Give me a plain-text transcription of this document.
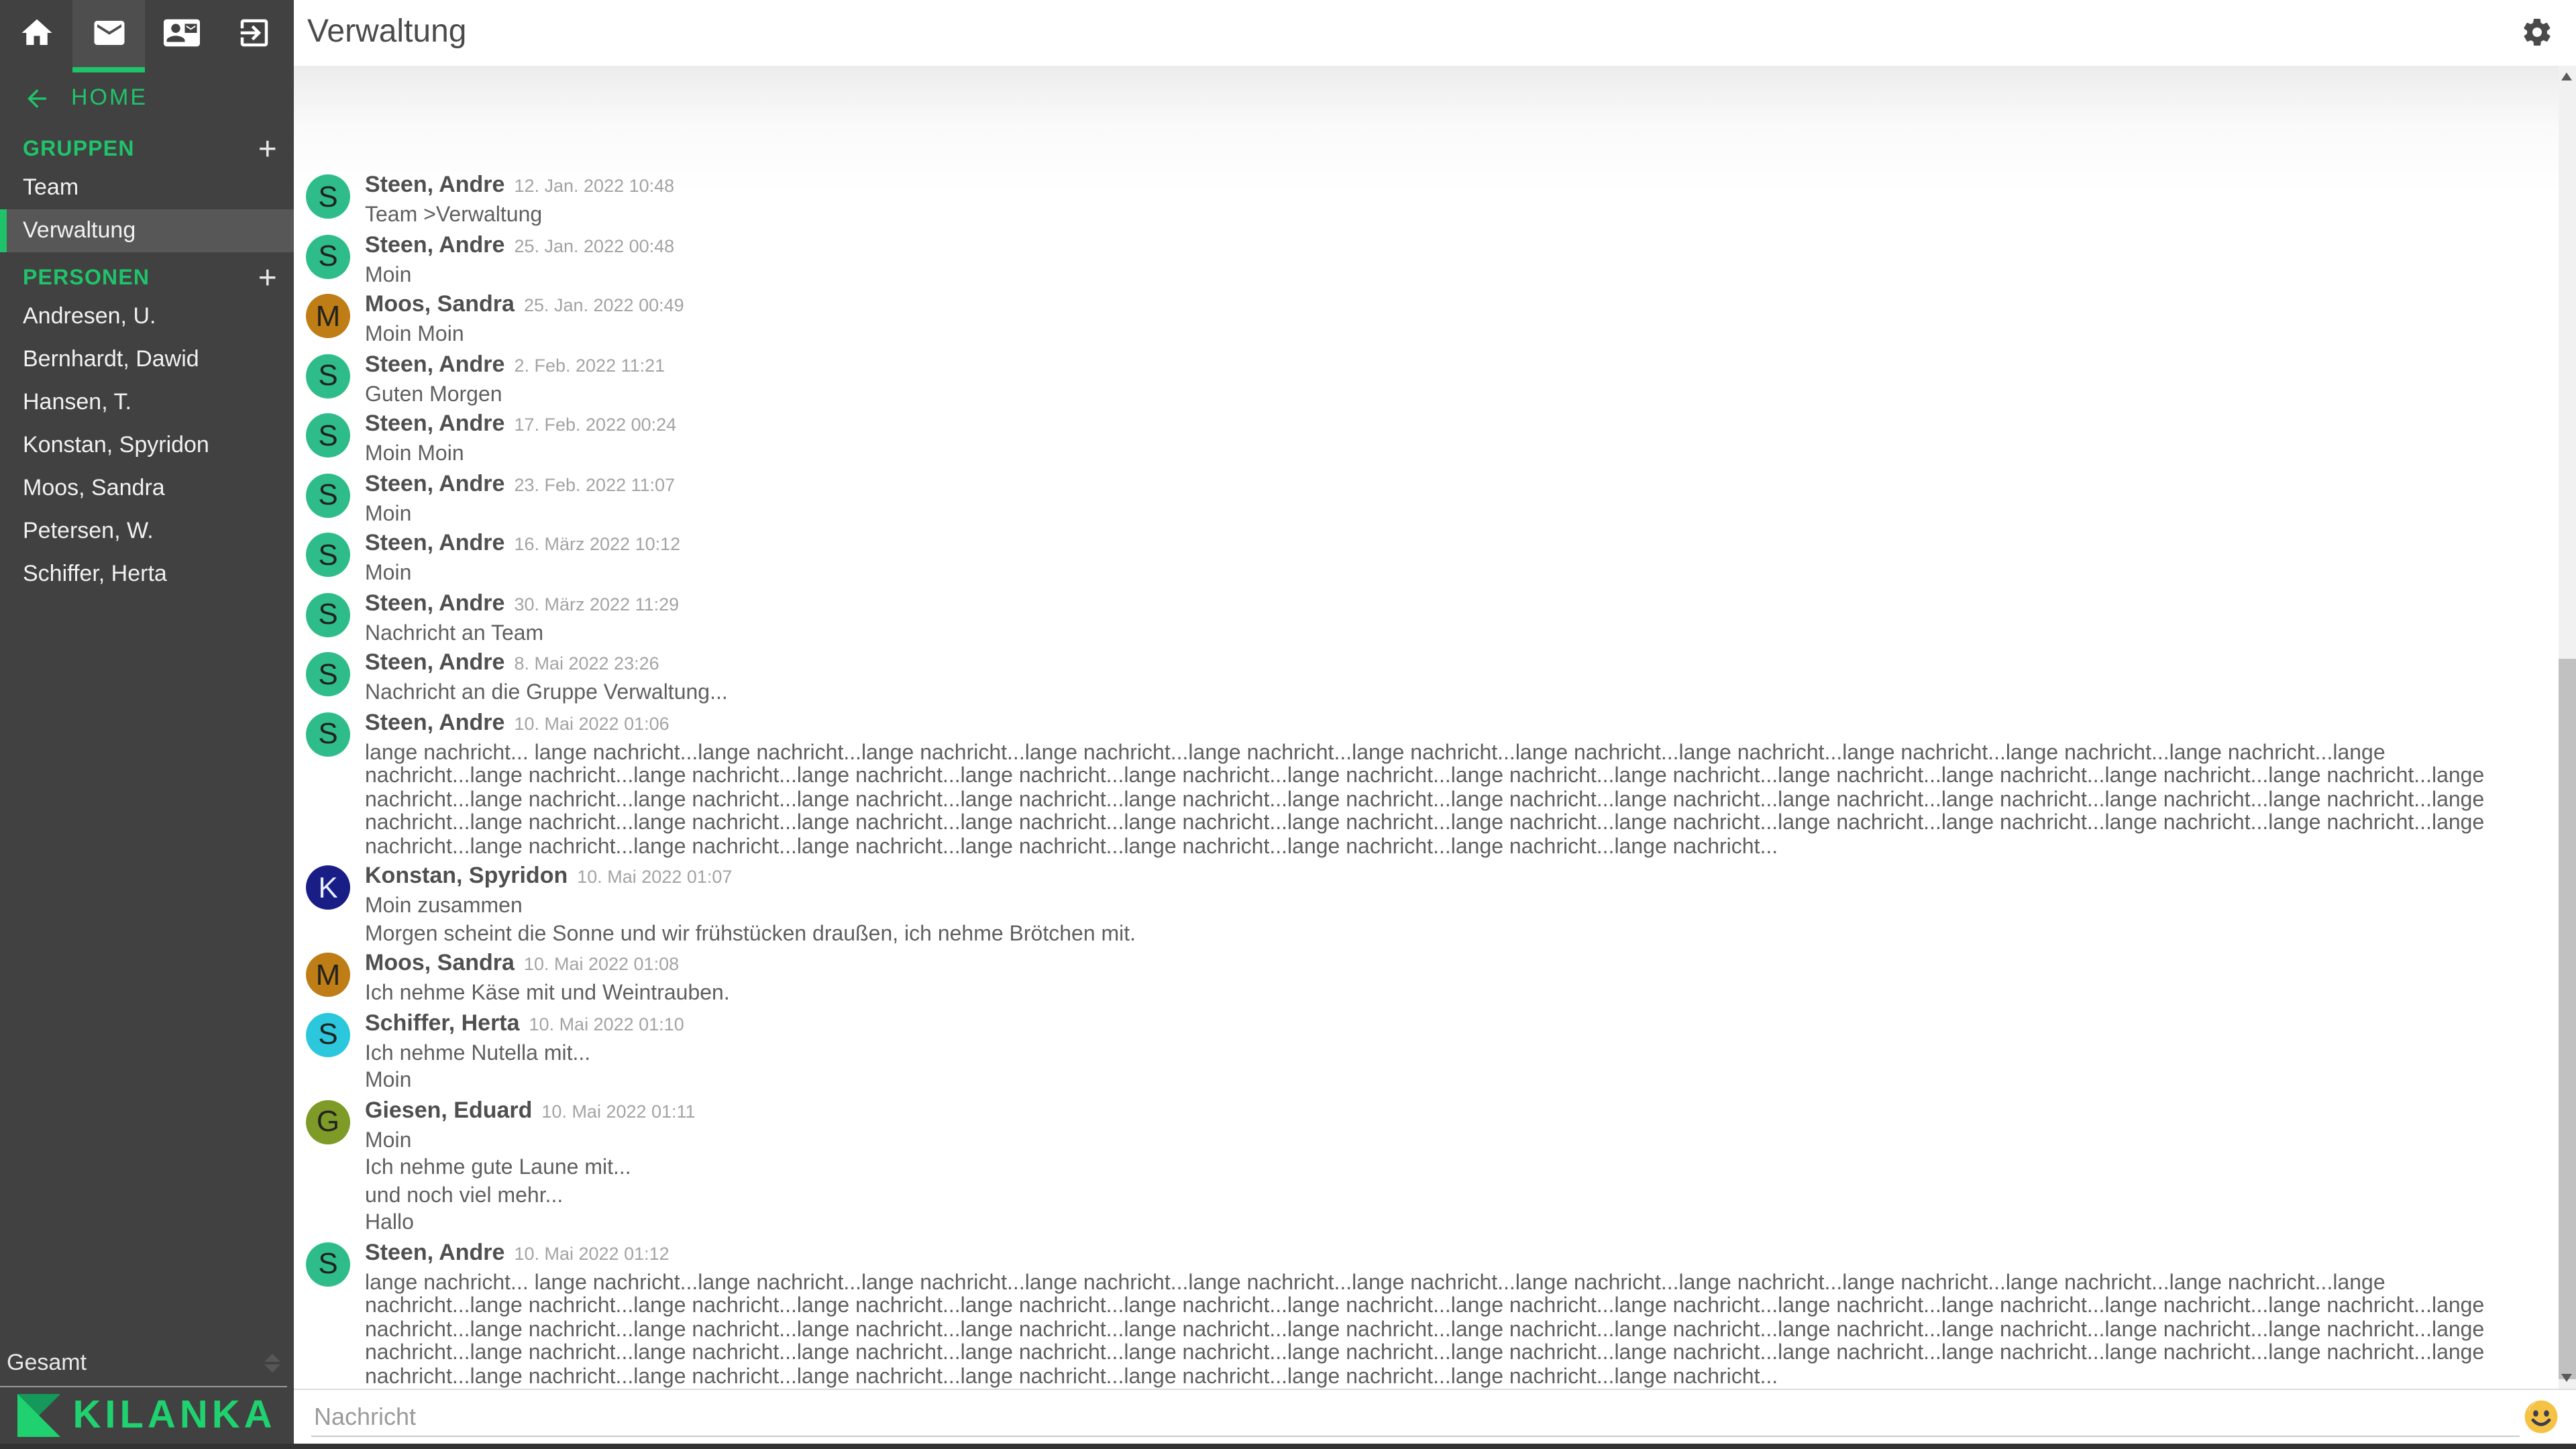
HOME
GRUPPEN	+
Team
Verwaltung
PERSONEN	+
Andresen, U.
Bernhardt, Dawid
Hansen, T.
Konstan, Spyridon
Moos, Sandra
Petersen, W.
Schiffer, Herta
Gesamt
KILANKA
Verwaltung
S	Steen, Andre 12. Jan. 2022 10:48
Team >Verwaltung
S	Steen, Andre 25. Jan. 2022 00:48
Moin
M	Moos, Sandra 25. Jan. 2022 00:49
Moin Moin
S	Steen, Andre 2. Feb. 2022 11:21
Guten Morgen
S	Steen, Andre 17. Feb. 2022 00:24
Moin Moin
S	Steen, Andre 23. Feb. 2022 11:07
Moin
S	Steen, Andre 16. März 2022 10:12
Moin
S	Steen, Andre 30. März 2022 11:29
Nachricht an Team
S	Steen, Andre 8. Mai 2022 23:26
Nachricht an die Gruppe Verwaltung...
S	Steen, Andre 10. Mai 2022 01:06
lange nachricht... lange nachricht...lange nachricht...lange nachricht...lange nachricht...lange nachricht...lange nachricht...lange nachricht...lange nachricht...lange nachricht...lange nachricht...lange nachricht...lange nachricht...lange nachricht...lange nachricht...lange nachricht...lange nachricht...lange nachricht...lange nachricht...lange nachricht...lange nachricht...lange nachricht...lange nachricht...lange nachricht...lange nachricht...lange nachricht...lange nachricht...lange nachricht...lange nachricht...lange nachricht...lange nachricht...lange nachricht...lange nachricht...lange nachricht...lange nachricht...lange nachricht...lange nachricht...lange nachricht...lange nachricht...lange nachricht...lange nachricht...lange nachricht...lange nachricht...lange nachricht...lange nachricht...lange nachricht...lange nachricht...lange nachricht...lange nachricht...lange nachricht...lange nachricht...lange nachricht...lange nachricht...lange nachricht...lange nachricht...lange nachricht...lange nachricht...lange nachricht...lange nachricht...lange nachricht...
K	Konstan, Spyridon 10. Mai 2022 01:07
Moin zusammen
Morgen scheint die Sonne und wir frühstücken draußen, ich nehme Brötchen mit.
M	Moos, Sandra 10. Mai 2022 01:08
Ich nehme Käse mit und Weintrauben.
S	Schiffer, Herta 10. Mai 2022 01:10
Ich nehme Nutella mit...
Moin
G	Giesen, Eduard 10. Mai 2022 01:11
Moin
Ich nehme gute Laune mit...
und noch viel mehr...
Hallo
S	Steen, Andre 10. Mai 2022 01:12
lange nachricht... lange nachricht...lange nachricht...lange nachricht...lange nachricht...lange nachricht...lange nachricht...lange nachricht...lange nachricht...lange nachricht...lange nachricht...lange nachricht...lange nachricht...lange nachricht...lange nachricht...lange nachricht...lange nachricht...lange nachricht...lange nachricht...lange nachricht...lange nachricht...lange nachricht...lange nachricht...lange nachricht...lange nachricht...lange nachricht...lange nachricht...lange nachricht...lange nachricht...lange nachricht...lange nachricht...lange nachricht...lange nachricht...lange nachricht...lange nachricht...lange nachricht...lange nachricht...lange nachricht...lange nachricht...lange nachricht...lange nachricht...lange nachricht...lange nachricht...lange nachricht...lange nachricht...lange nachricht...lange nachricht...lange nachricht...lange nachricht...lange nachricht...lange nachricht...lange nachricht...lange nachricht...lange nachricht...lange nachricht...lange nachricht...lange nachricht...lange nachricht...lange nachricht...lange nachricht...
Nachricht
